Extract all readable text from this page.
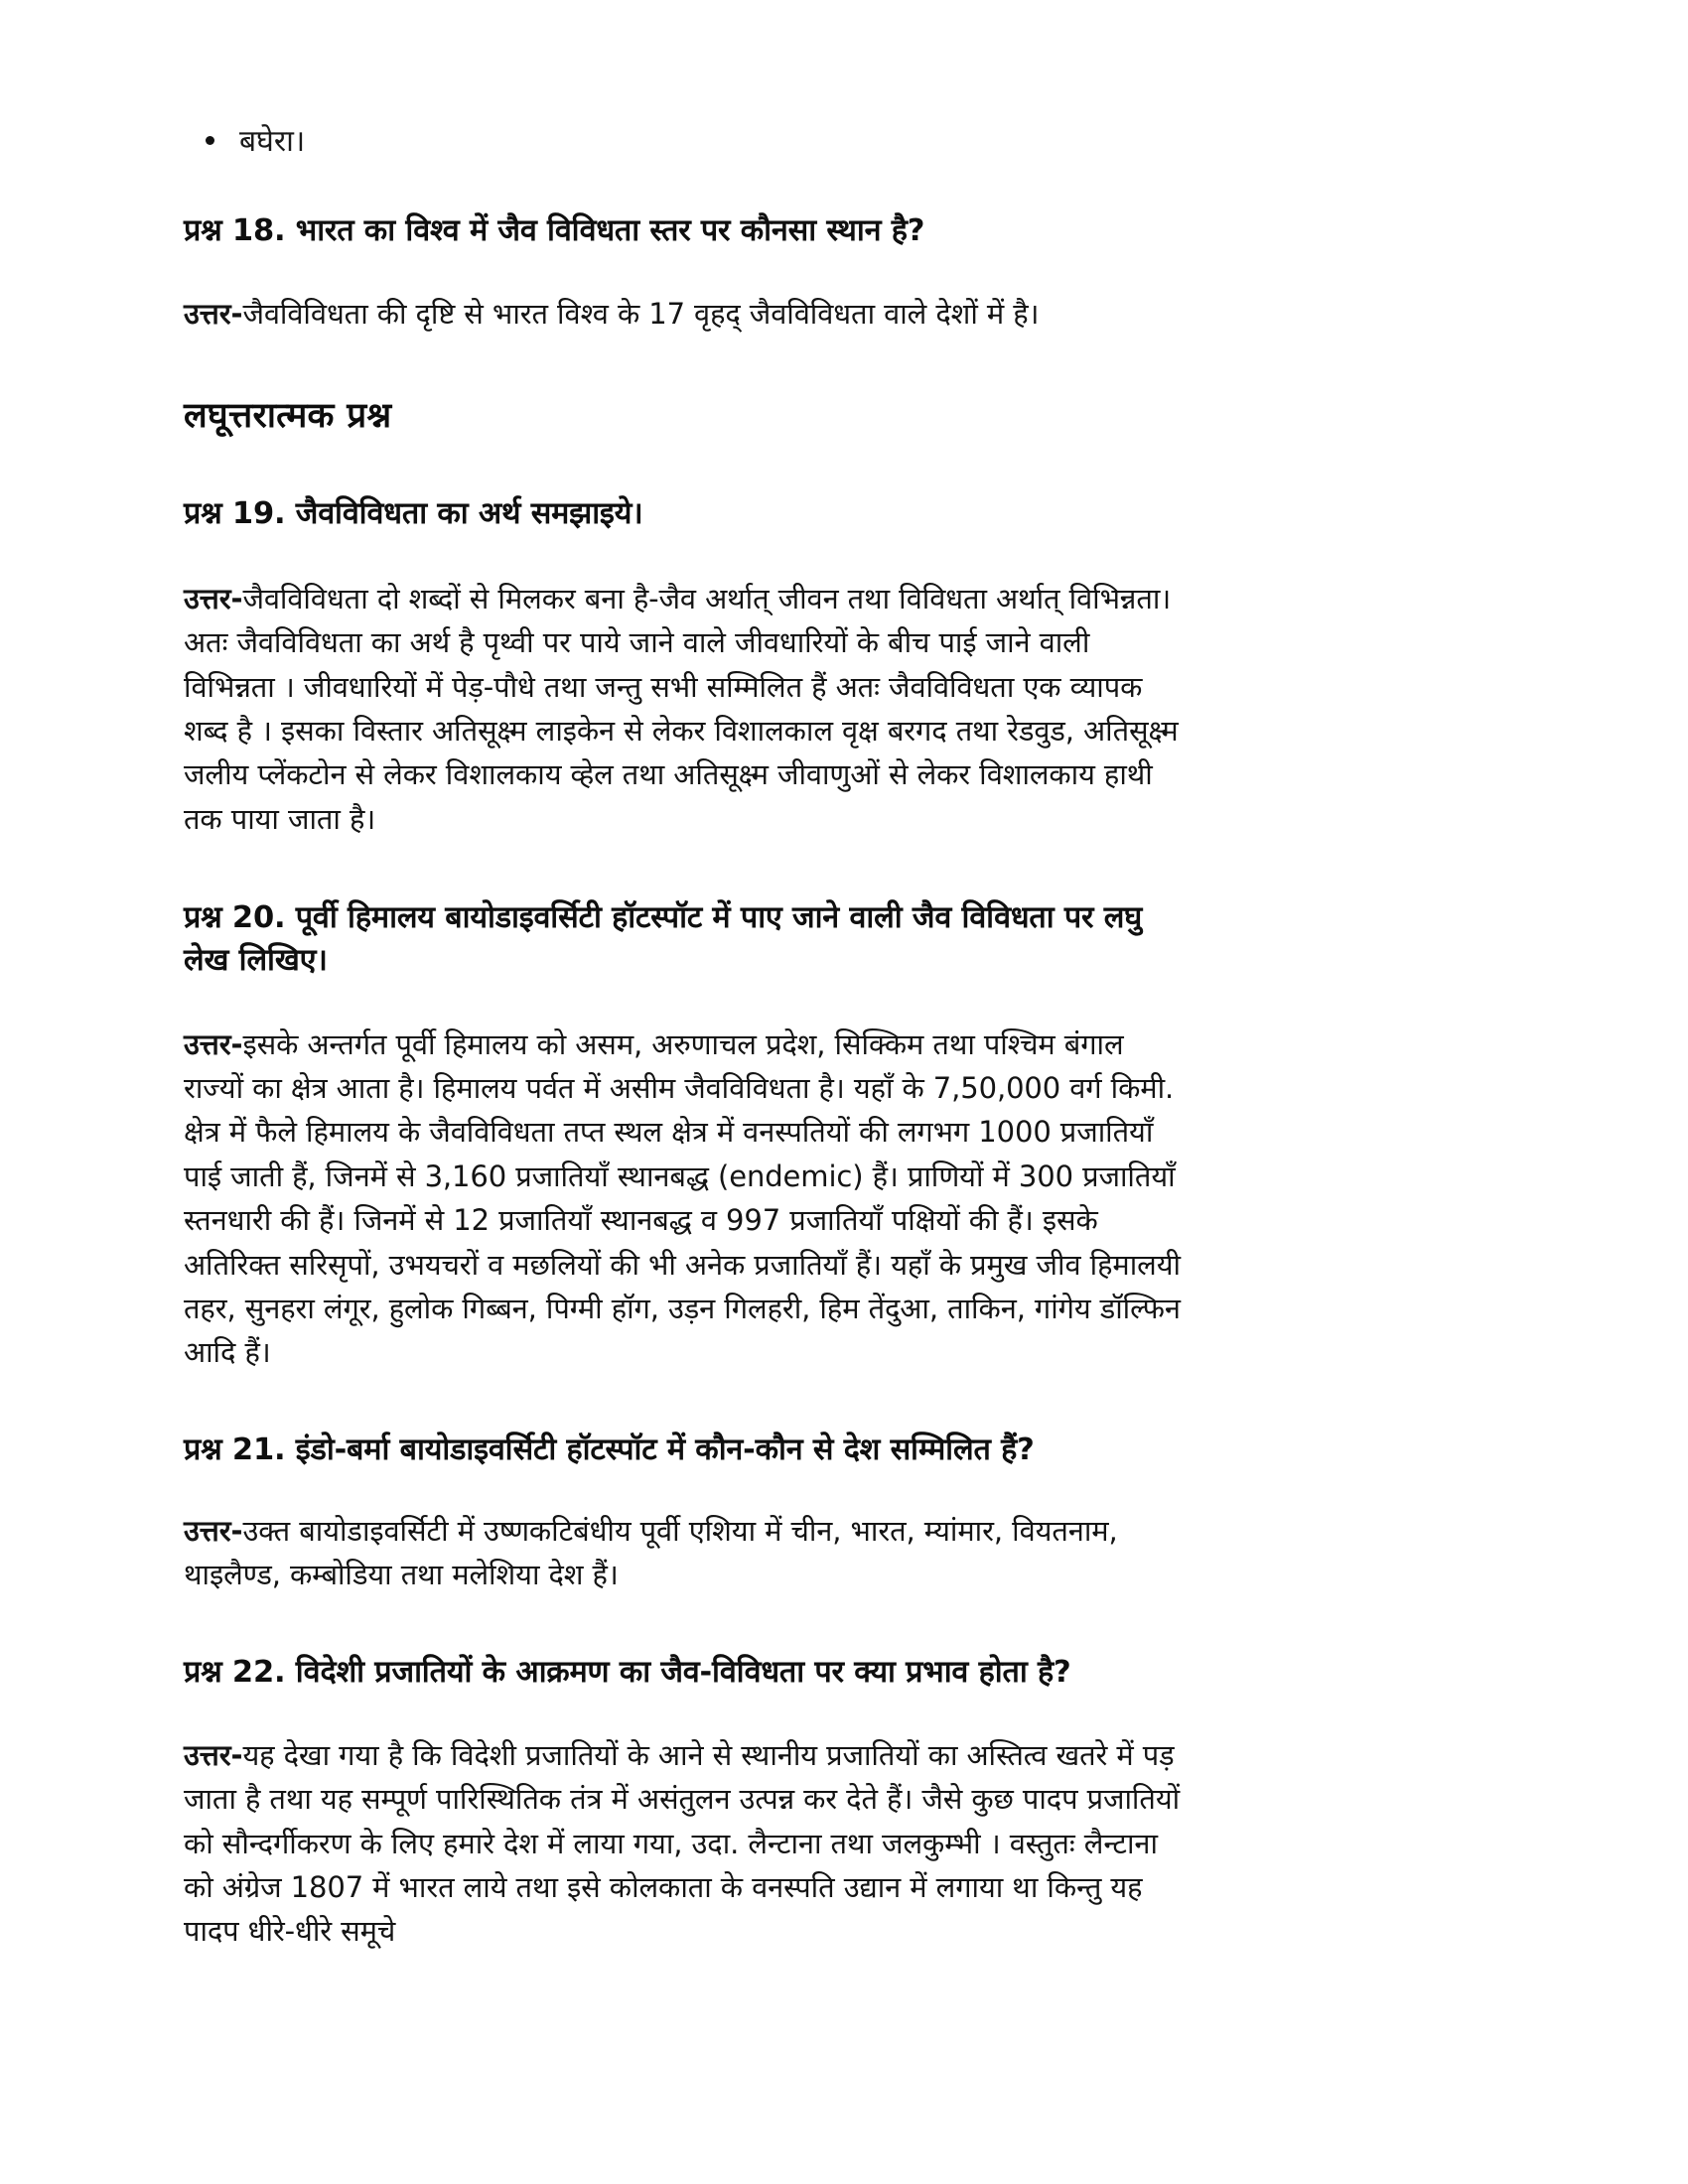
बघेरा।

प्रश्न 18. भारत का विश्व में जैव विविधता स्तर पर कौनसा स्थान है?

उत्तर-जैवविविधता की दृष्टि से भारत विश्व के 17 वृहद् जैवविविधता वाले देशों में है।

लघूत्तरात्मक प्रश्न

प्रश्न 19. जैवविविधता का अर्थ समझाइये।

उत्तर-जैवविविधता दो शब्दों से मिलकर बना है-जैव अर्थात् जीवन तथा विविधता अर्थात् विभिन्नता। अतः जैवविविधता का अर्थ है पृथ्वी पर पाये जाने वाले जीवधारियों के बीच पाई जाने वाली विभिन्नता । जीवधारियों में पेड़-पौधे तथा जन्तु सभी सम्मिलित हैं अतः जैवविविधता एक व्यापक शब्द है । इसका विस्तार अतिसूक्ष्म लाइकेन से लेकर विशालकाल वृक्ष बरगद तथा रेडवुड, अतिसूक्ष्म जलीय प्लेंकटोन से लेकर विशालकाय व्हेल तथा अतिसूक्ष्म जीवाणुओं से लेकर विशालकाय हाथी तक पाया जाता है।

प्रश्न 20. पूर्वी हिमालय बायोडाइवर्सिटी हॉटस्पॉट में पाए जाने वाली जैव विविधता पर लघु लेख लिखिए।

उत्तर-इसके अन्तर्गत पूर्वी हिमालय को असम, अरुणाचल प्रदेश, सिक्किम तथा पश्चिम बंगाल राज्यों का क्षेत्र आता है। हिमालय पर्वत में असीम जैवविविधता है। यहाँ के 7,50,000 वर्ग किमी. क्षेत्र में फैले हिमालय के जैवविविधता तप्त स्थल क्षेत्र में वनस्पतियों की लगभग 1000 प्रजातियाँ पाई जाती हैं, जिनमें से 3,160 प्रजातियाँ स्थानबद्ध (endemic) हैं। प्राणियों में 300 प्रजातियाँ स्तनधारी की हैं। जिनमें से 12 प्रजातियाँ स्थानबद्ध व 997 प्रजातियाँ पक्षियों की हैं। इसके अतिरिक्त सरिसृपों, उभयचरों व मछलियों की भी अनेक प्रजातियाँ हैं। यहाँ के प्रमुख जीव हिमालयी तहर, सुनहरा लंगूर, हुलोक गिब्बन, पिग्मी हॉग, उड़न गिलहरी, हिम तेंदुआ, ताकिन, गांगेय डॉल्फिन आदि हैं।

प्रश्न 21. इंडो-बर्मा बायोडाइवर्सिटी हॉटस्पॉट में कौन-कौन से देश सम्मिलित हैं?

उत्तर-उक्त बायोडाइवर्सिटी में उष्णकटिबंधीय पूर्वी एशिया में चीन, भारत, म्यांमार, वियतनाम, थाइलैण्ड, कम्बोडिया तथा मलेशिया देश हैं।

प्रश्न 22. विदेशी प्रजातियों के आक्रमण का जैव-विविधता पर क्या प्रभाव होता है?

उत्तर-यह देखा गया है कि विदेशी प्रजातियों के आने से स्थानीय प्रजातियों का अस्तित्व खतरे में पड़ जाता है तथा यह सम्पूर्ण पारिस्थितिक तंत्र में असंतुलन उत्पन्न कर देते हैं। जैसे कुछ पादप प्रजातियों को सौन्दर्गीकरण के लिए हमारे देश में लाया गया, उदा. लैन्टाना तथा जलकुम्भी । वस्तुतः लैन्टाना को अंग्रेज 1807 में भारत लाये तथा इसे कोलकाता के वनस्पति उद्यान में लगाया था किन्तु यह पादप धीरे-धीरे समूचे
